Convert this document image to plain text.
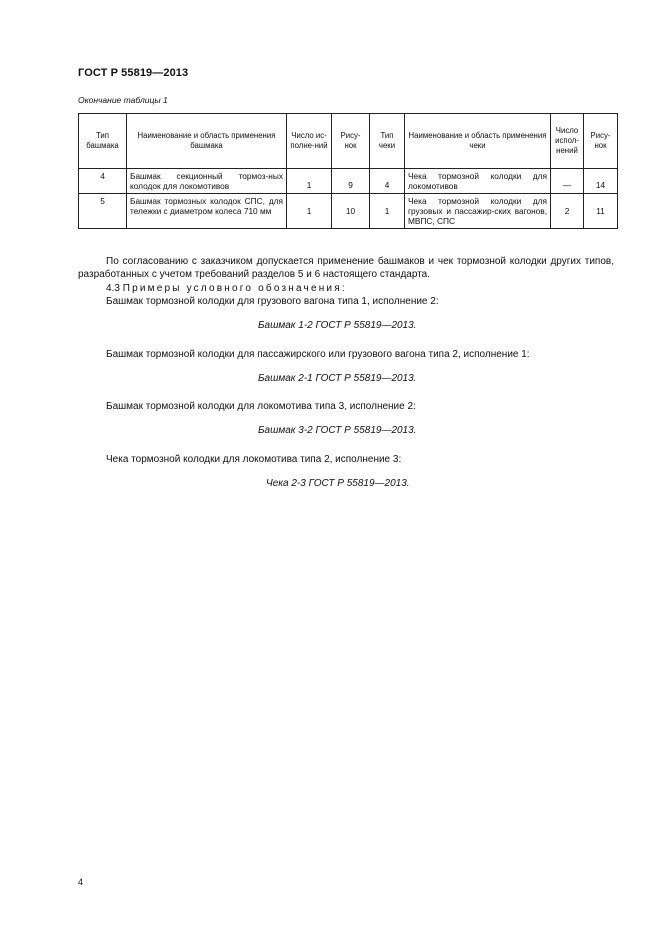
ГОСТ Р 55819—2013
Окончание таблицы 1
Тип башмака	Наименование и область применения башмака	Число ис-полне-ний	Рису-нок	Тип чеки	Наименование и область применения чеки	Число испол-нений	Рису-нок
4	Башмак секционный тормоз-ных колодок для локомотивов	1	9	4	Чека тормозной колодки для локомотивов	—	14
5	Башмак тормозных колодок СПС, для тележки с диаметром колеса 710 мм	1	10	1	Чека тормозной колодки для грузовых и пассажир-ских вагонов, МВПС, СПС	2	11
По согласованию с заказчиком допускается применение башмаков и чек тормозной колодки других типов, разработанных с учетом требований разделов 5 и 6 настоящего стандарта.
4.3 Примеры условного обозначения:
Башмак тормозной колодки для грузового вагона типа 1, исполнение 2:
Башмак 1-2 ГОСТ Р 55819—2013.
Башмак тормозной колодки для пассажирского или грузового вагона типа 2, исполнение 1:
Башмак 2-1 ГОСТ Р 55819—2013.
Башмак тормозной колодки для локомотива типа 3, исполнение 2:
Башмак 3-2 ГОСТ Р 55819—2013.
Чека тормозной колодки для локомотива типа 2, исполнение 3:
Чека 2-3 ГОСТ Р 55819—2013.
4
